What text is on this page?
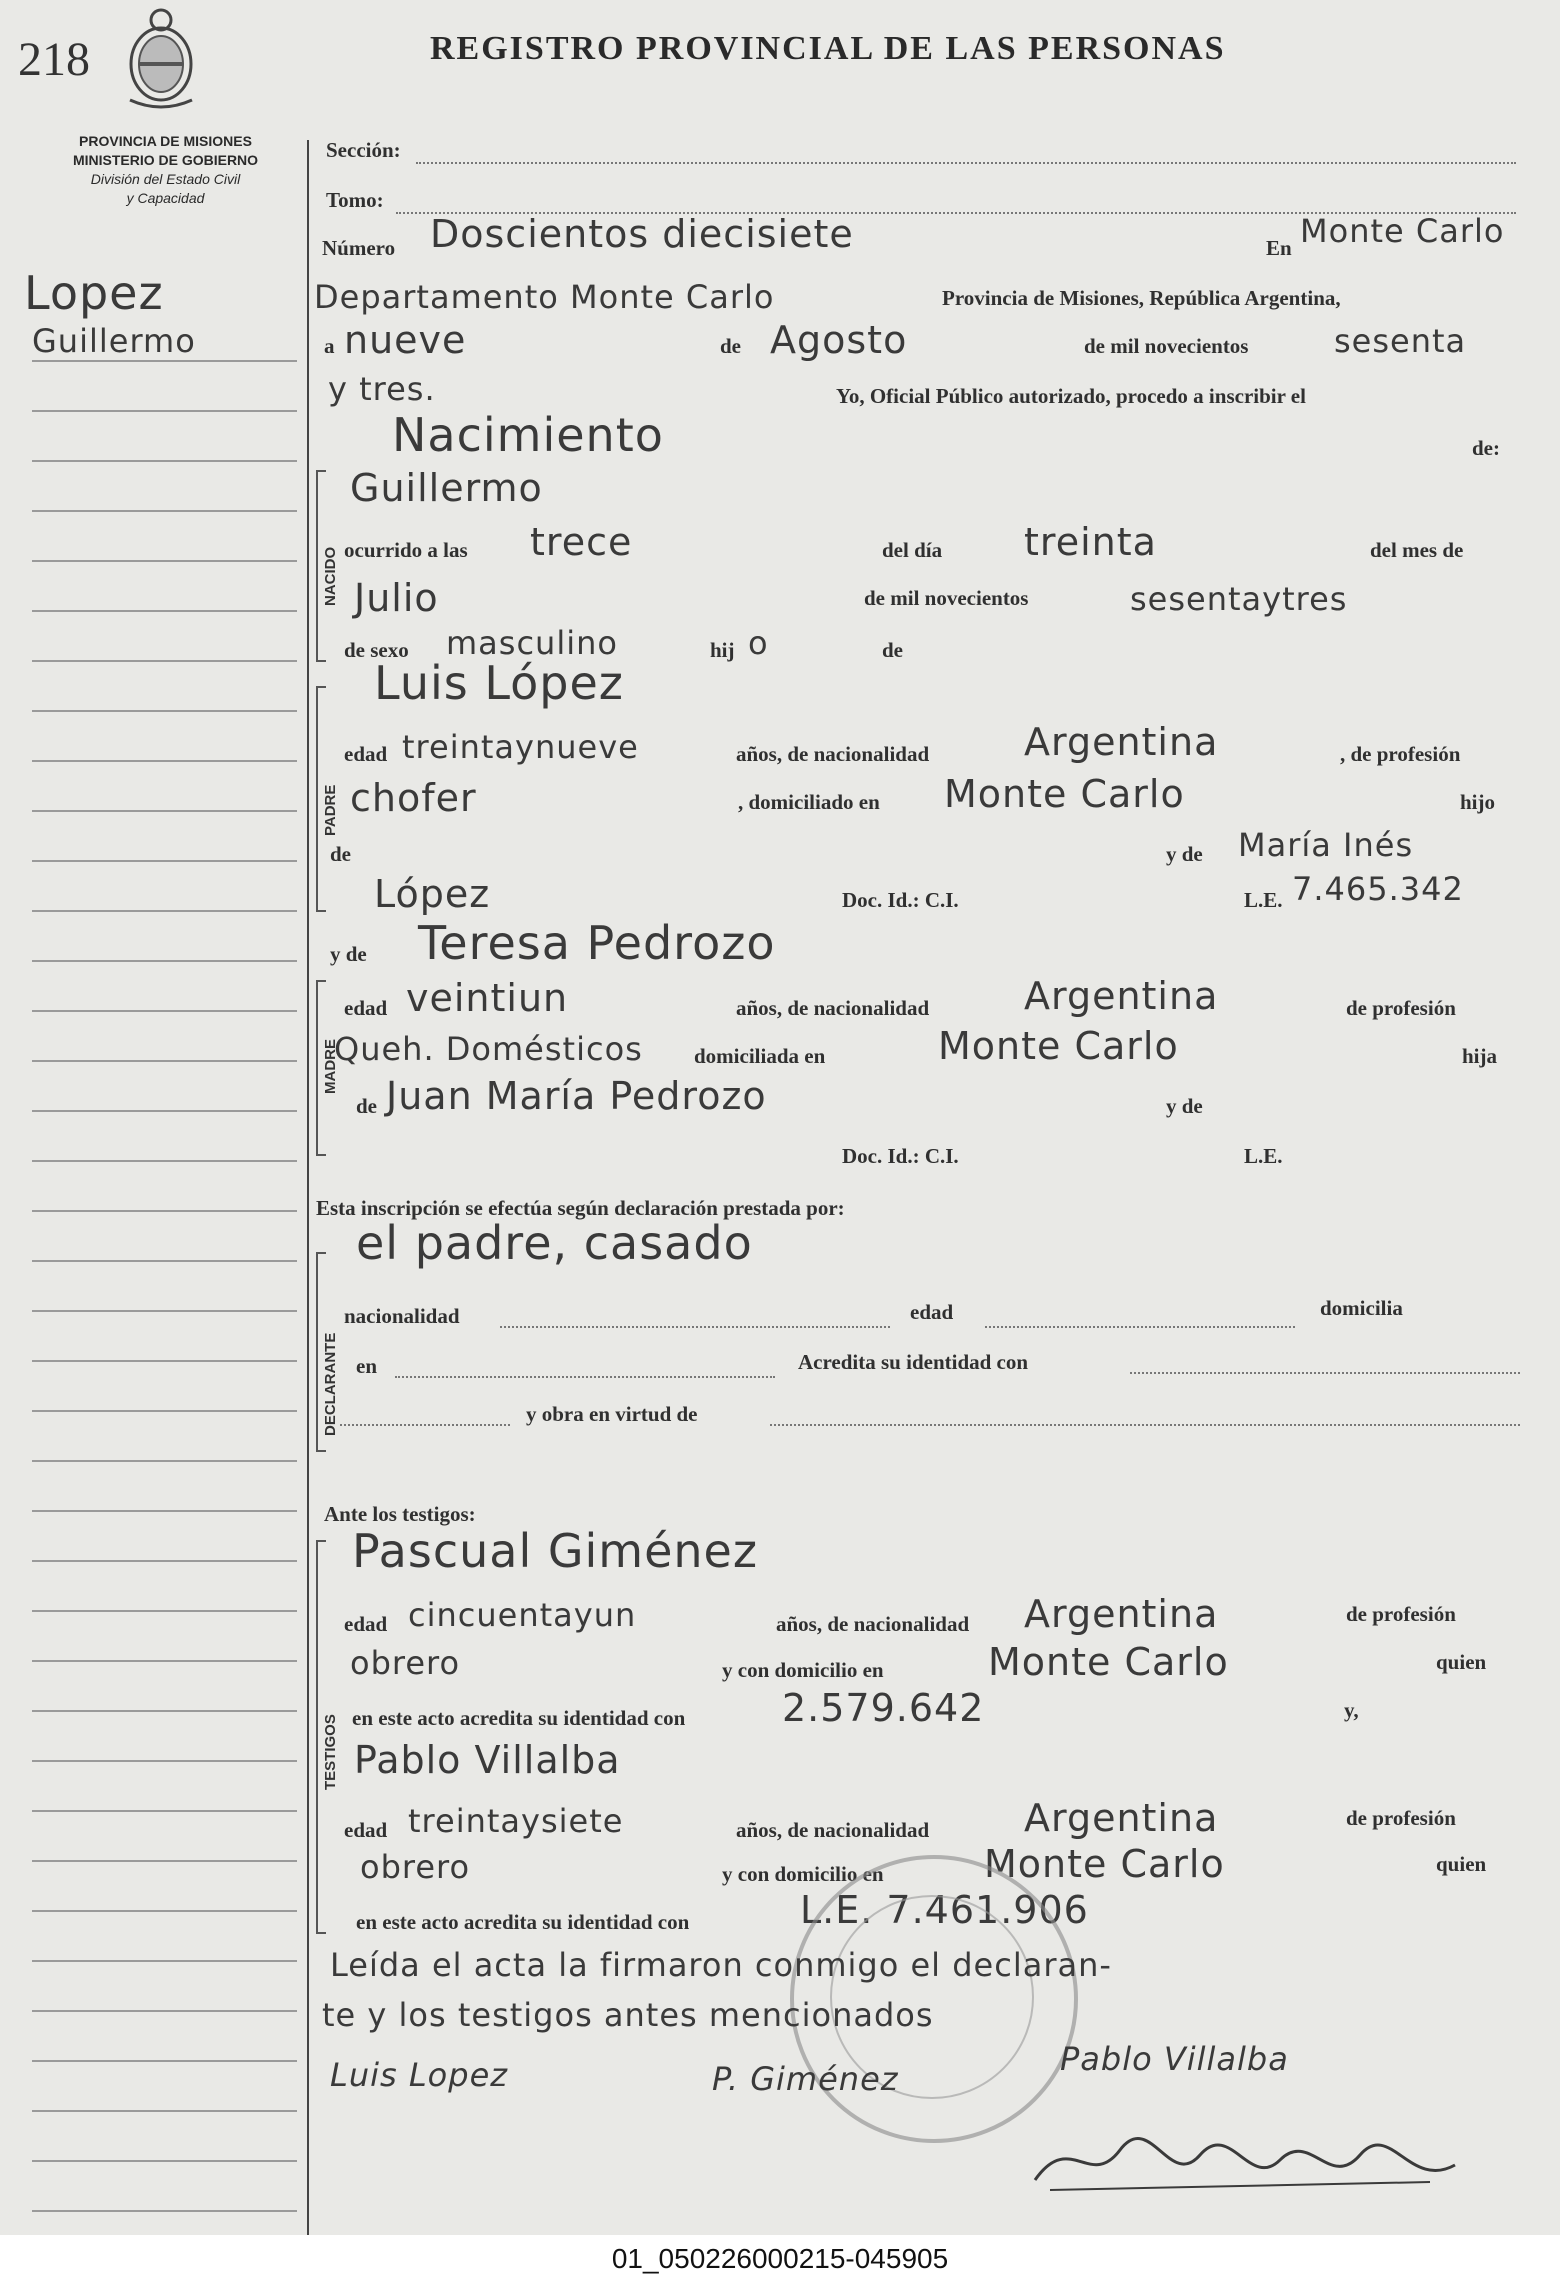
218	REGISTRO PROVINCIAL DE LAS PERSONAS
PROVINCIA DE MISIONES
MINISTERIO DE GOBIERNO
División del Estado Civil
y Capacidad
Lopez
Guillermo
Sección:
Tomo:
Número Doscientos diecisiete	En Monte Carlo
Departamento Monte Carlo	Provincia de Misiones, República Argentina,
a nueve	de Agosto	de mil novecientos	sesenta
y tres.	Yo, Oficial Público autorizado, procedo a inscribir el
Nacimiento	de:
NACIDO
Guillermo
ocurrido a las trece	del día treinta	del mes de
Julio	de mil novecientos	sesentaytres
de sexo masculino	hij o	de
PADRE
Luis López
edad treintaynueve	años, de nacionalidad Argentina	, de profesión
chofer	, domiciliado en Monte Carlo	hijo
de	y de María Inés
López	Doc. Id.: C.I.	L.E. 7.465.342
y de Teresa Pedrozo
MADRE
edad veintiun	años, de nacionalidad Argentina	de profesión
Queh. Domésticos domiciliada en	Monte Carlo	hija
de Juan María Pedrozo	y de
Doc. Id.: C.I.	L.E.
Esta inscripción se efectúa según declaración prestada por:
el padre, casado
DECLARANTE
nacionalidad	edad	domicilia
en	Acredita su identidad con
y obra en virtud de
Ante los testigos:
TESTIGOS
Pascual Giménez
edad cincuentayun	años, de nacionalidad Argentina	de profesión
obrero	y con domicilio en	Monte Carlo	quien
en este acto acredita su identidad con	2.579.642	y,
Pablo Villalba
edad treintaysiete	años, de nacionalidad Argentina	de profesión
obrero	y con domicilio en	Monte Carlo	quien
en este acto acredita su identidad con	L.E. 7.461.906
Leída el acta la firmaron conmigo el declaran-
te y los testigos antes mencionados
Luis Lopez	P. Giménez
Pablo Villalba
01_050226000215-045905
